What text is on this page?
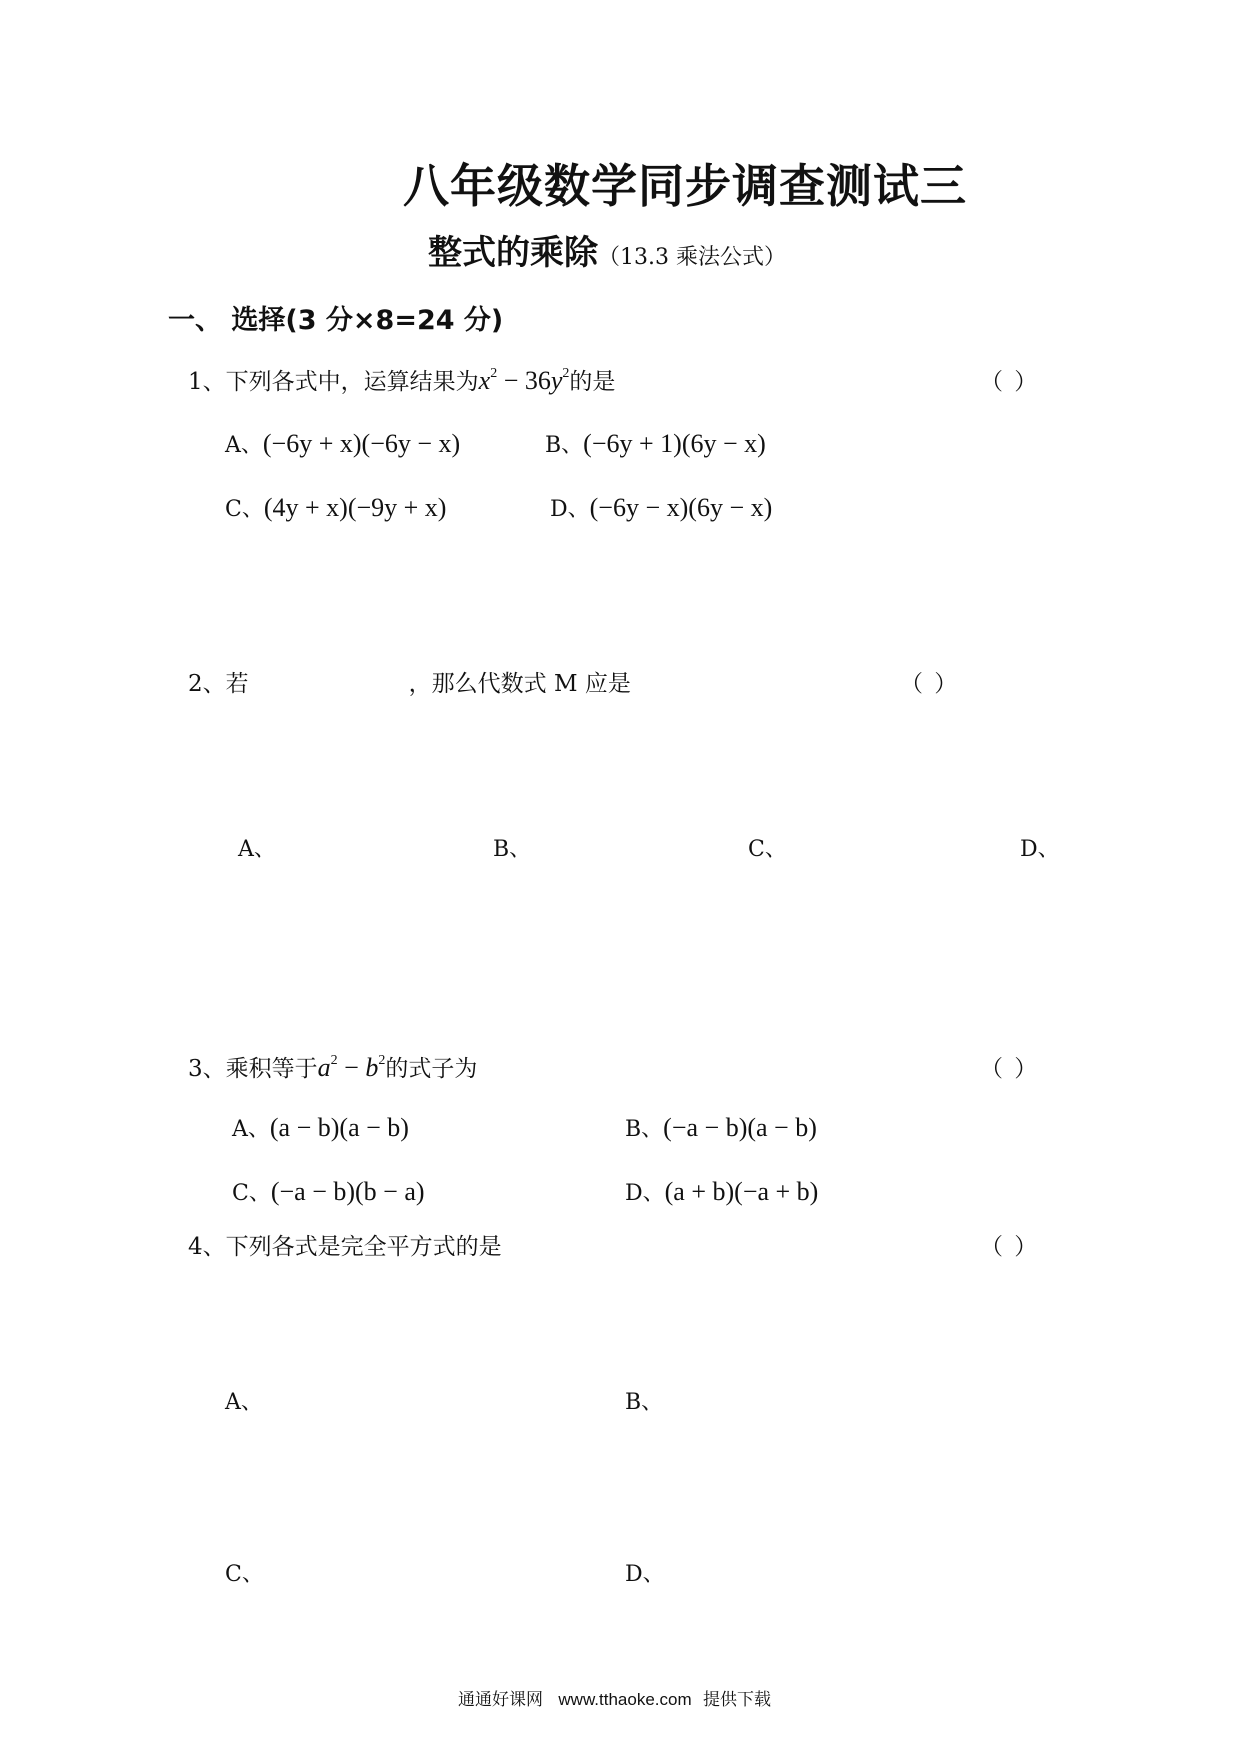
八年级数学同步调查测试三
整式的乘除（13.3 乘法公式）
一、 选择(3 分×8=24 分)
1、下列各式中，运算结果为$x^2 - 36y^2$的是	（ ）
A、(−6y + x)(−6y − x)	B、(−6y + 1)(6y − x)
C、(4y + x)(−9y + x)	D、(−6y − x)(6y − x)
2、若	，那么代数式 M 应是	（ ）
A、	B、	C、	D、
3、乘积等于$a^2 - b^2$的式子为	（ ）
A、(a − b)(a − b)	B、(−a − b)(a − b)
C、(−a − b)(b − a)	D、(a + b)(−a + b)
4、下列各式是完全平方式的是	（ ）
A、	B、
C、	D、
通通好课网 www.tthaoke.com 提供下载
